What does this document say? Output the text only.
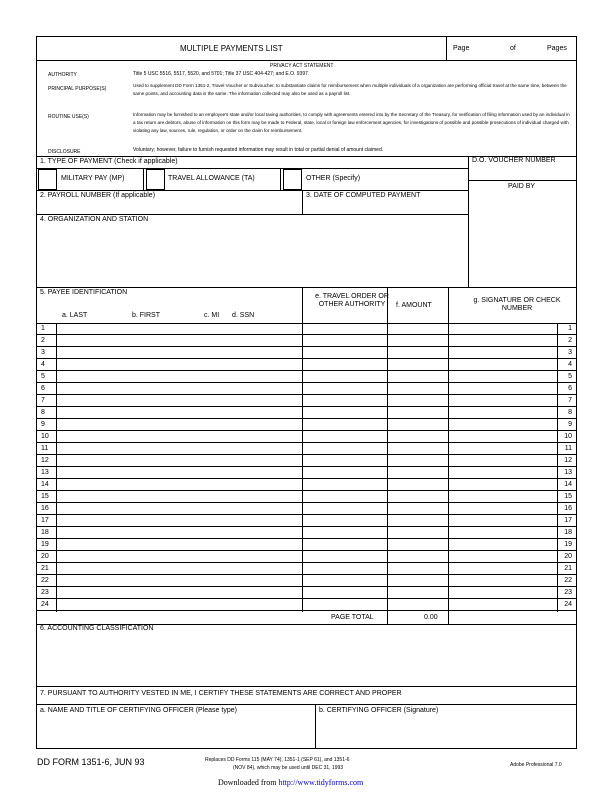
MULTIPLE PAYMENTS LIST	Page	of	Pages
PRIVACY ACT STATEMENT
AUTHORITY	Title 5 USC 5516, 5517, 5520, and 5701; Title 37 USC 404-427; and E.O. 9397.
PRINCIPAL PURPOSE(S)
Used to supplement DD Form 1351-2, Travel Voucher or Subvoucher, to substantiate claims for reimbursement when multiple individuals of a organization are performing official travel at the same time, between the same points, and accounting data is the same. The information collected may also be used as a payroll list.
ROUTINE USE(S)	Information may be furnished to an employee's state and/or local taxing authorities, to comply with agreements entered into by the Secretary of the Treasury, for verification of filing information used by an individual in a tax return are debtors, abuse of information on this form may be made to Federal, state, local or foreign law enforcement agencies, for investigations of possible and possible prosecutions of individual charged with violating any law, sources, rule, regulation, or order on the claim for reimbursement.
DISCLOSURE	Voluntary; however, failure to furnish requested information may result in total or partial denial of amount claimed.
1. TYPE OF PAYMENT (Check if applicable)	D.O. VOUCHER NUMBER
PAID BY
MILITARY PAY (MP)	TRAVEL ALLOWANCE (TA)	OTHER (Specify)
2. PAYROLL NUMBER (If applicable)	3. DATE OF COMPUTED PAYMENT
4. ORGANIZATION AND STATION
5. PAYEE IDENTIFICATION
a. LAST	b. FIRST	c. MI d. SSN
e. TRAVEL ORDER OR OTHER AUTHORITY	f. AMOUNT
g. SIGNATURE OR CHECK NUMBER
1	1
2	2
3	3
4	4
5	5
6	6
7	7
8	8
9	9
10	10
11	11
12	12
13	13
14	14
15	15
16	16
17	17
18	18
19	19
20	20
21	21
22	22
23	23
24	24
PAGE TOTAL	0.00
6. ACCOUNTING CLASSIFICATION
7. PURSUANT TO AUTHORITY VESTED IN ME, I CERTIFY THESE STATEMENTS ARE CORRECT AND PROPER
a. NAME AND TITLE OF CERTIFYING OFFICER (Please type)	b. CERTIFYING OFFICER (Signature)
DD FORM 1351-6, JUN 93	Replaces DD Forms 115 (MAY 74), 1351-1 (SEP 61), and 1351-6
(NOV 84), which may be used until DEC 31, 1993	Adobe Professional 7.0
Downloaded from http://www.tidyforms.com
